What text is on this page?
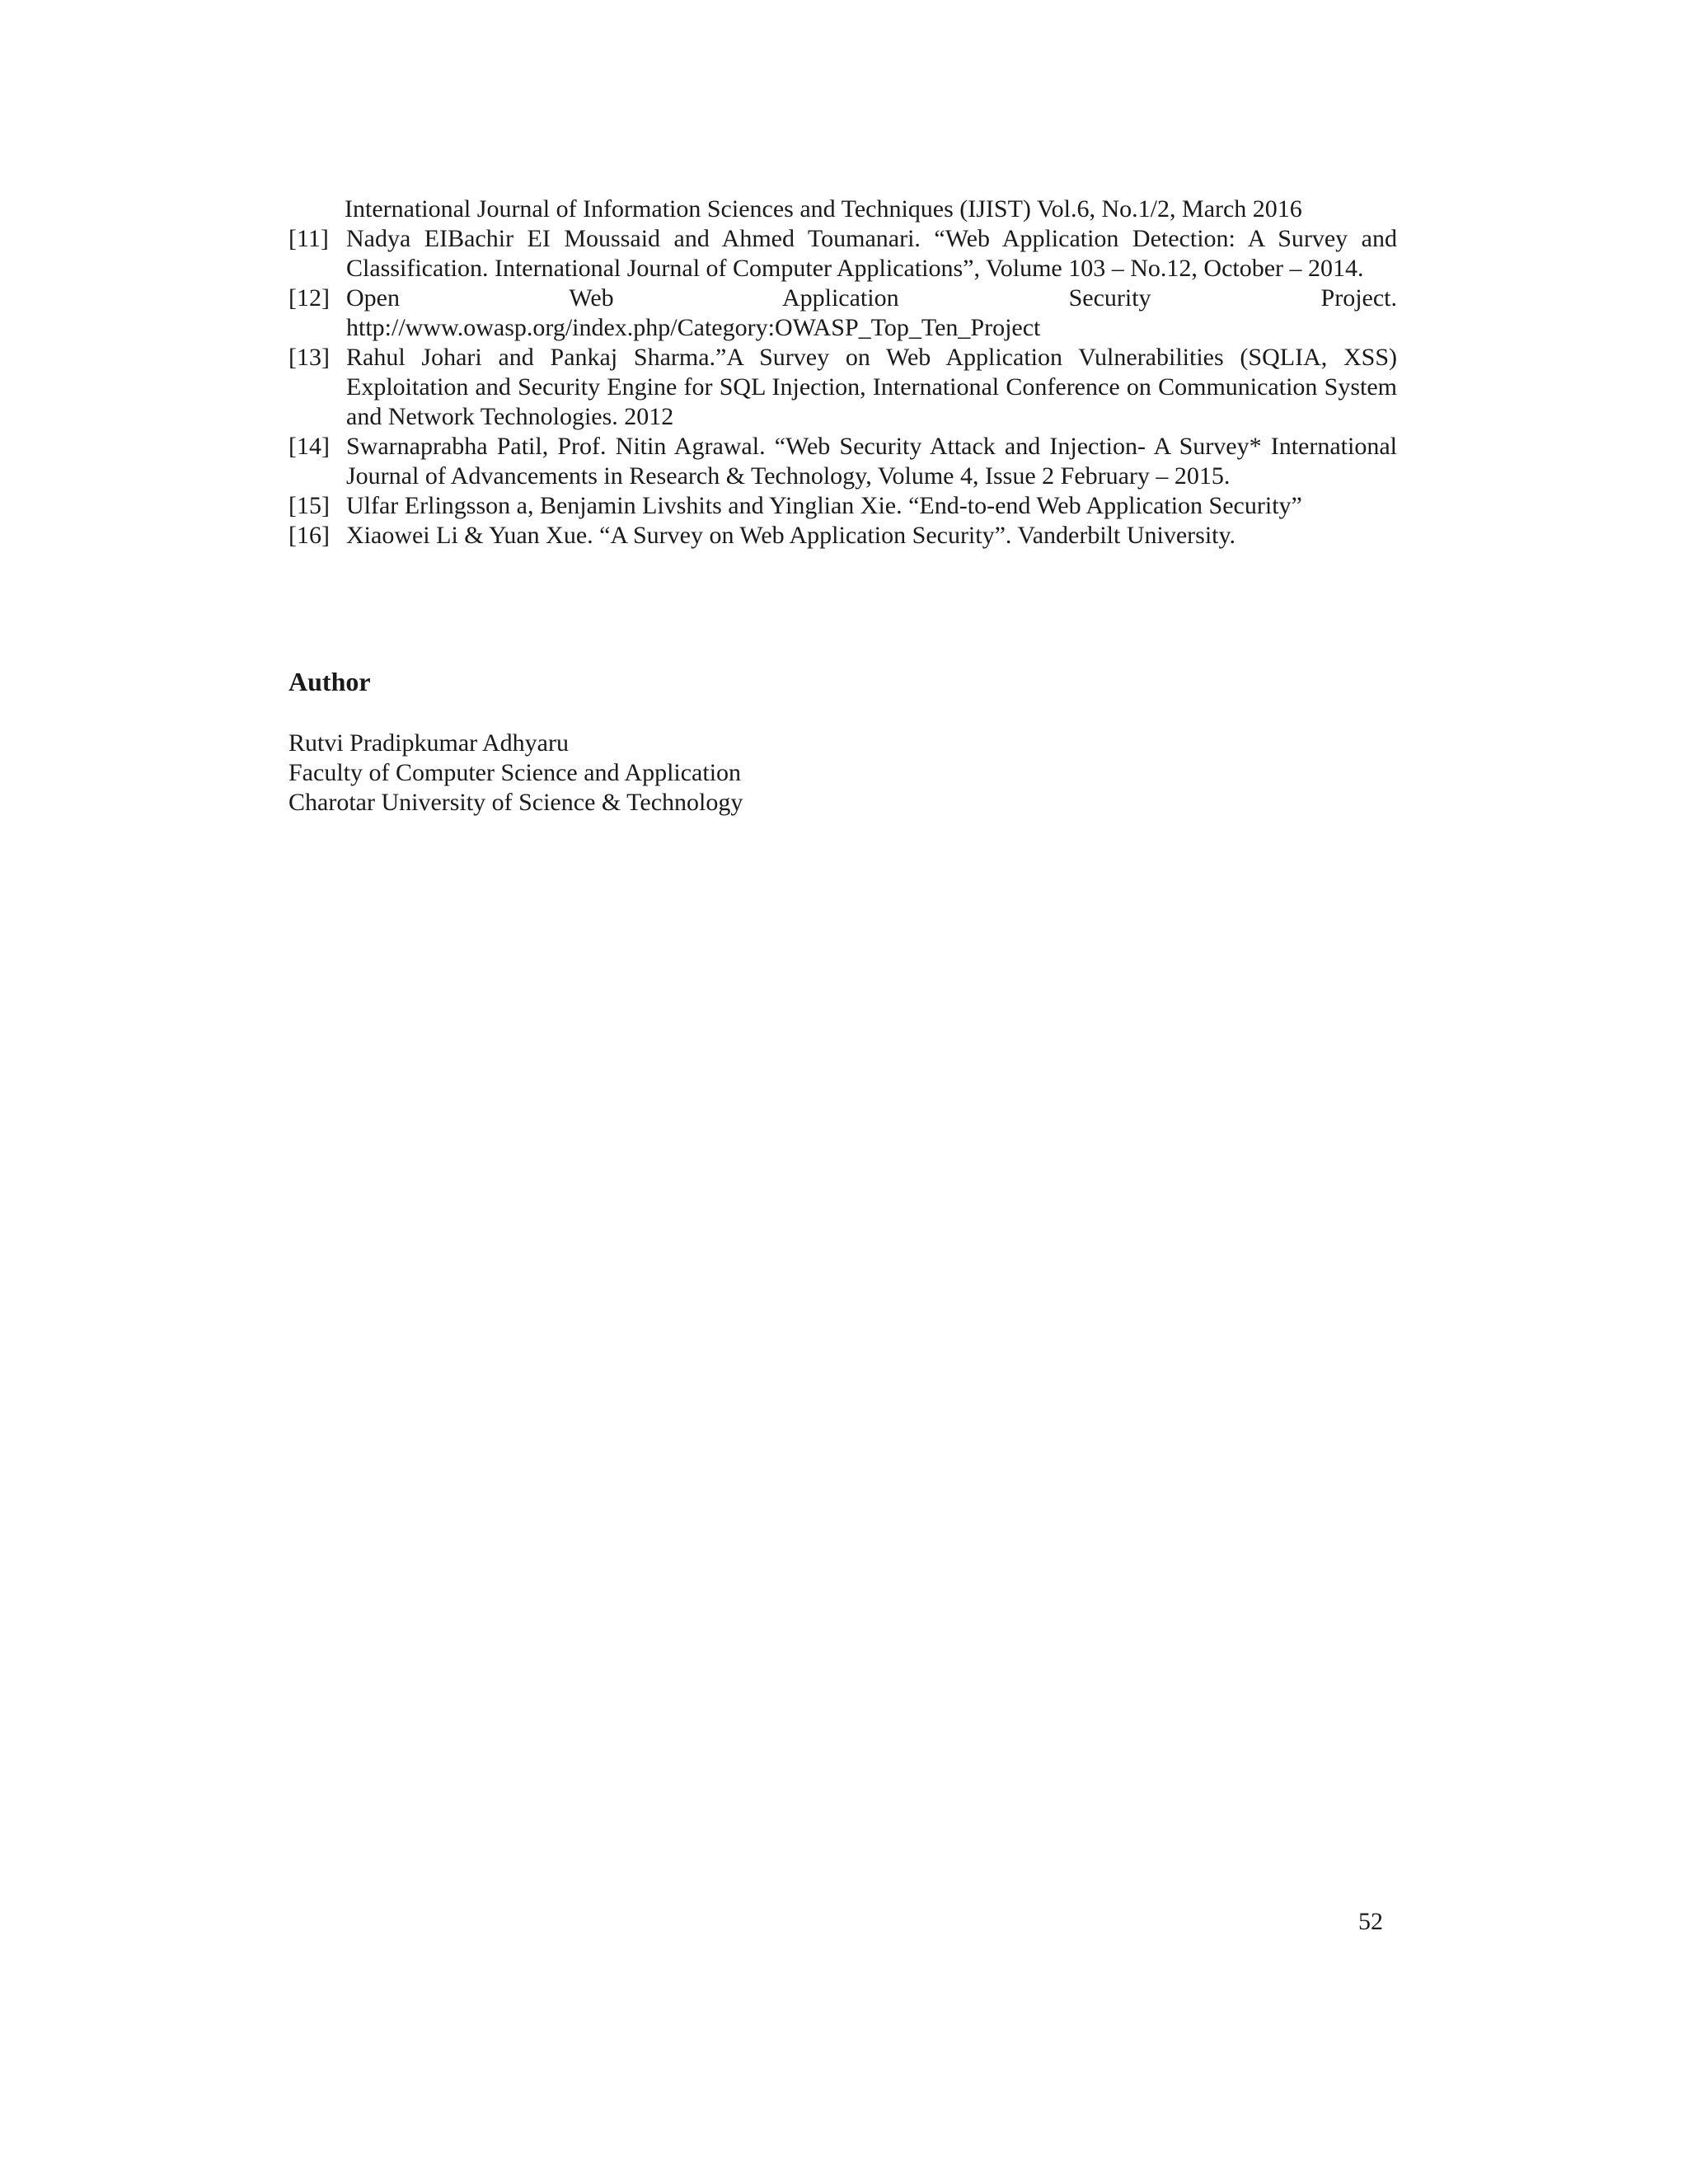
International Journal of Information Sciences and Techniques (IJIST) Vol.6, No.1/2, March 2016
[11] Nadya EIBachir EI Moussaid and Ahmed Toumanari. “Web Application Detection: A Survey and Classification. International Journal of Computer Applications”, Volume 103 – No.12, October – 2014.
[12] Open Web Application Security Project.
http://www.owasp.org/index.php/Category:OWASP_Top_Ten_Project
[13] Rahul Johari and Pankaj Sharma.”A Survey on Web Application Vulnerabilities (SQLIA, XSS) Exploitation and Security Engine for SQL Injection, International Conference on Communication System and Network Technologies. 2012
[14] Swarnaprabha Patil, Prof. Nitin Agrawal. “Web Security Attack and Injection- A Survey* International Journal of Advancements in Research & Technology, Volume 4, Issue 2 February – 2015.
[15] Ulfar Erlingsson a, Benjamin Livshits and Yinglian Xie. “End-to-end Web Application Security”
[16] Xiaowei Li & Yuan Xue. “A Survey on Web Application Security”. Vanderbilt University.
Author
Rutvi Pradipkumar Adhyaru
Faculty of Computer Science and Application
Charotar University of Science & Technology
52
